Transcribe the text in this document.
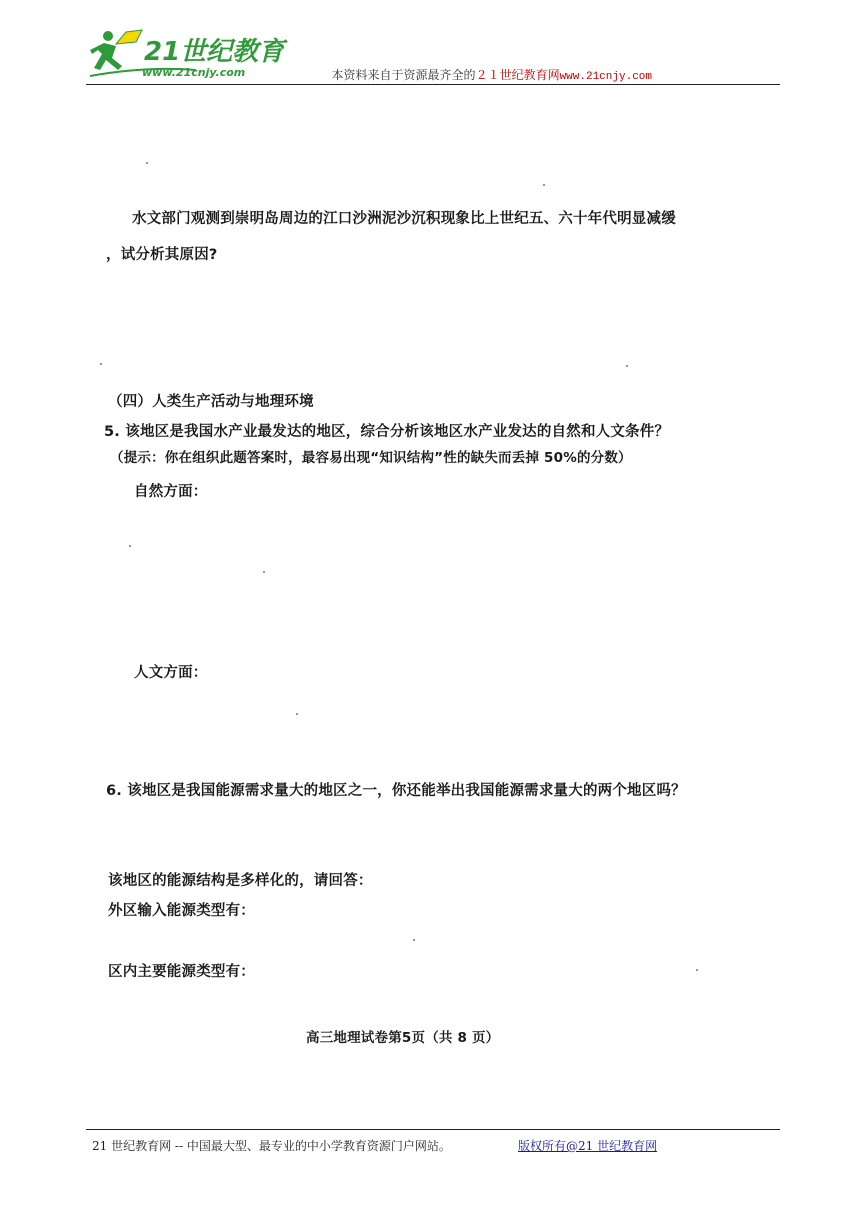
21世纪教育
www.21cnjy.com	本资料来自于资源最齐全的２１世纪教育网www.21cnjy.com
水文部门观测到崇明岛周边的江口沙洲泥沙沉积现象比上世纪五、六十年代明显减缓
，试分析其原因?
（四）人类生产活动与地理环境
5. 该地区是我国水产业最发达的地区，综合分析该地区水产业发达的自然和人文条件？
（提示：你在组织此题答案时，最容易出现“知识结构”性的缺失而丢掉 50%的分数）
自然方面：
人文方面：
6. 该地区是我国能源需求量大的地区之一，你还能举出我国能源需求量大的两个地区吗？
该地区的能源结构是多样化的，请回答：
外区输入能源类型有：
区内主要能源类型有：
高三地理试卷第5页（共 8 页）
21 世纪教育网 -- 中国最大型、最专业的中小学教育资源门户网站。	版权所有@21 世纪教育网
